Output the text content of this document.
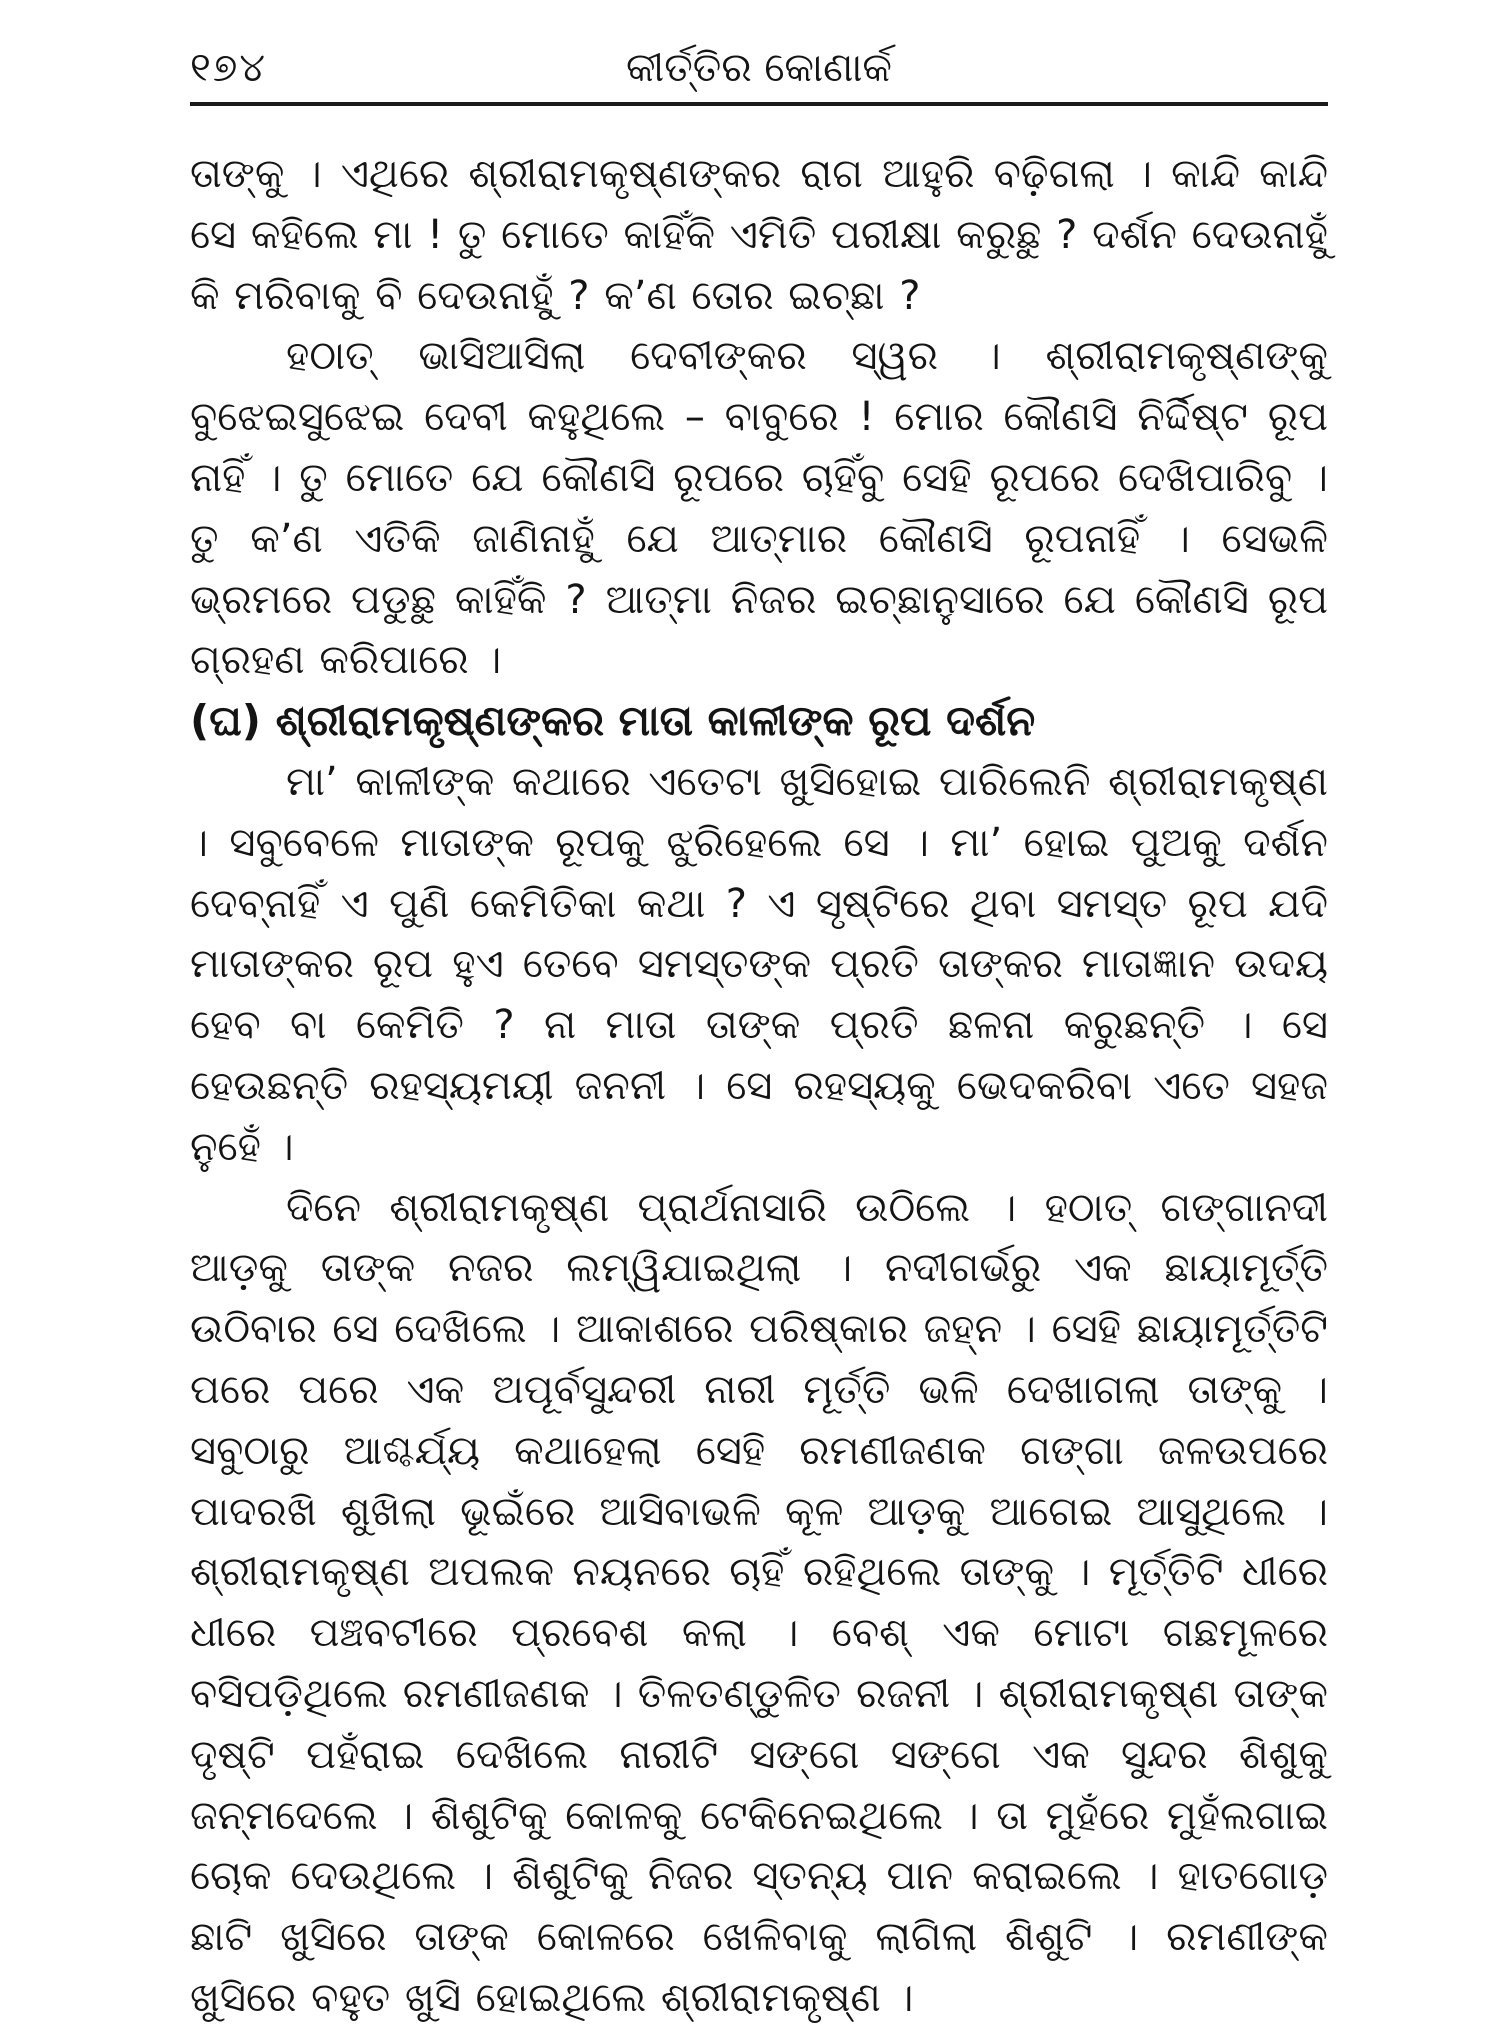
୧୭୪	କୀର୍ତ୍ତିର କୋଣାର୍କ

ତାଙ୍କୁ । ଏଥିରେ ଶ୍ରୀରାମକୃଷ୍ଣଙ୍କର ରାଗ ଆହୁରି ବଢ଼ିଗଲା । କାନ୍ଦି କାନ୍ଦି ସେ କହିଲେ ମା ! ତୁ ମୋତେ କାହିଁକି ଏମିତି ପରୀକ୍ଷା କରୁଛୁ ? ଦର୍ଶନ ଦେଉନାହୁଁ କି ମରିବାକୁ ବି ଦେଉନାହୁଁ ? କ’ଣ ତୋର ଇଚ୍ଛା ?

ହଠାତ୍ ଭାସିଆସିଲା ଦେବୀଙ୍କର ସ୍ୱର । ଶ୍ରୀରାମକୃଷ୍ଣଙ୍କୁ ବୁଝେଇସୁଝେଇ ଦେବୀ କହୁଥିଲେ – ବାବୁରେ ! ମୋର କୌଣସି ନିର୍ଦ୍ଦିଷ୍ଟ ରୂପ ନାହିଁ । ତୁ ମୋତେ ଯେ କୌଣସି ରୂପରେ ଚାହିଁବୁ ସେହି ରୂପରେ ଦେଖିପାରିବୁ । ତୁ କ’ଣ ଏତିକି ଜାଣିନାହୁଁ ଯେ ଆତ୍ମାର କୌଣସି ରୂପନାହିଁ । ସେଭଳି ଭ୍ରମରେ ପଡୁଛୁ କାହିଁକି ? ଆତ୍ମା ନିଜର ଇଚ୍ଛାନୁସାରେ ଯେ କୌଣସି ରୂପ ଗ୍ରହଣ କରିପାରେ ।

(ଘ) ଶ୍ରୀରାମକୃଷ୍ଣଙ୍କର ମାତା କାଳୀଙ୍କ ରୂପ ଦର୍ଶନ

ମା’ କାଳୀଙ୍କ କଥାରେ ଏତେଟା ଖୁସିହୋଇ ପାରିଲେନି ଶ୍ରୀରାମକୃଷ୍ଣ । ସବୁବେଳେ ମାତାଙ୍କ ରୂପକୁ ଝୁରିହେଲେ ସେ । ମା’ ହୋଇ ପୁଅକୁ ଦର୍ଶନ ଦେବ୍‌ନାହିଁ ଏ ପୁଣି କେମିତିକା କଥା ? ଏ ସୃଷ୍ଟିରେ ଥିବା ସମସ୍ତ ରୂପ ଯଦି ମାତାଙ୍କର ରୂପ ହୁଏ ତେବେ ସମସ୍ତଙ୍କ ପ୍ରତି ତାଙ୍କର ମାତାଜ୍ଞାନ ଉଦୟ ହେବ ବା କେମିତି ? ନା ମାତା ତାଙ୍କ ପ୍ରତି ଛଳନା କରୁଛନ୍ତି । ସେ ହେଉଛନ୍ତି ରହସ୍ୟମୟୀ ଜନନୀ । ସେ ରହସ୍ୟକୁ ଭେଦକରିବା ଏତେ ସହଜ ନୁହେଁ ।

ଦିନେ ଶ୍ରୀରାମକୃଷ୍ଣ ପ୍ରାର୍ଥନାସାରି ଉଠିଲେ । ହଠାତ୍ ଗଙ୍ଗାନଦୀ ଆଡ଼କୁ ତାଙ୍କ ନଜର ଲମ୍ୱିଯାଇଥିଲା । ନଦୀଗର୍ଭରୁ ଏକ ଛାୟାମୂର୍ତ୍ତି ଉଠିବାର ସେ ଦେଖିଲେ । ଆକାଶରେ ପରିଷ୍କାର ଜହ୍ନ । ସେହି ଛାୟାମୂର୍ତ୍ତିଟି ପରେ ପରେ ଏକ ଅପୂର୍ବସୁନ୍ଦରୀ ନାରୀ ମୂର୍ତ୍ତି ଭଳି ଦେଖାଗଲା ତାଙ୍କୁ । ସବୁଠାରୁ ଆଶ୍ଚର୍ଯ୍ୟ କଥାହେଲା ସେହି ରମଣୀଜଣକ ଗଙ୍ଗା ଜଳଉପରେ ପାଦରଖି ଶୁଖିଲା ଭୂଇଁରେ ଆସିବାଭଳି କୂଳ ଆଡ଼କୁ ଆଗେଇ ଆସୁଥିଲେ । ଶ୍ରୀରାମକୃଷ୍ଣ ଅପଲକ ନୟନରେ ଚାହିଁ ରହିଥିଲେ ତାଙ୍କୁ । ମୂର୍ତ୍ତିଟି ଧୀରେ ଧୀରେ ପଞ୍ଚବଟୀରେ ପ୍ରବେଶ କଲା । ବେଶ୍ ଏକ ମୋଟା ଗଛମୂଳରେ ବସିପଡ଼ିଥିଲେ ରମଣୀଜଣକ । ତିଳତଣ୍ଡୁଳିତ ରଜନୀ । ଶ୍ରୀରାମକୃଷ୍ଣ ତାଙ୍କ ଦୃଷ୍ଟି ପହଁରାଇ ଦେଖିଲେ ନାରୀଟି ସଙ୍ଗେ ସଙ୍ଗେ ଏକ ସୁନ୍ଦର ଶିଶୁକୁ ଜନ୍ମଦେଲେ । ଶିଶୁଟିକୁ କୋଳକୁ ଟେକିନେଇଥିଲେ । ତା ମୁହଁରେ ମୁହଁଲଗାଇ ଚୋକ ଦେଉଥିଲେ । ଶିଶୁଟିକୁ ନିଜର ସ୍ତନ୍ୟ ପାନ କରାଇଲେ । ହାତଗୋଡ଼ ଛାଟି ଖୁସିରେ ତାଙ୍କ କୋଳରେ ଖେଳିବାକୁ ଲାଗିଲା ଶିଶୁଟି । ରମଣୀଙ୍କ ଖୁସିରେ ବହୁତ ଖୁସି ହୋଇଥିଲେ ଶ୍ରୀରାମକୃଷ୍ଣ ।
